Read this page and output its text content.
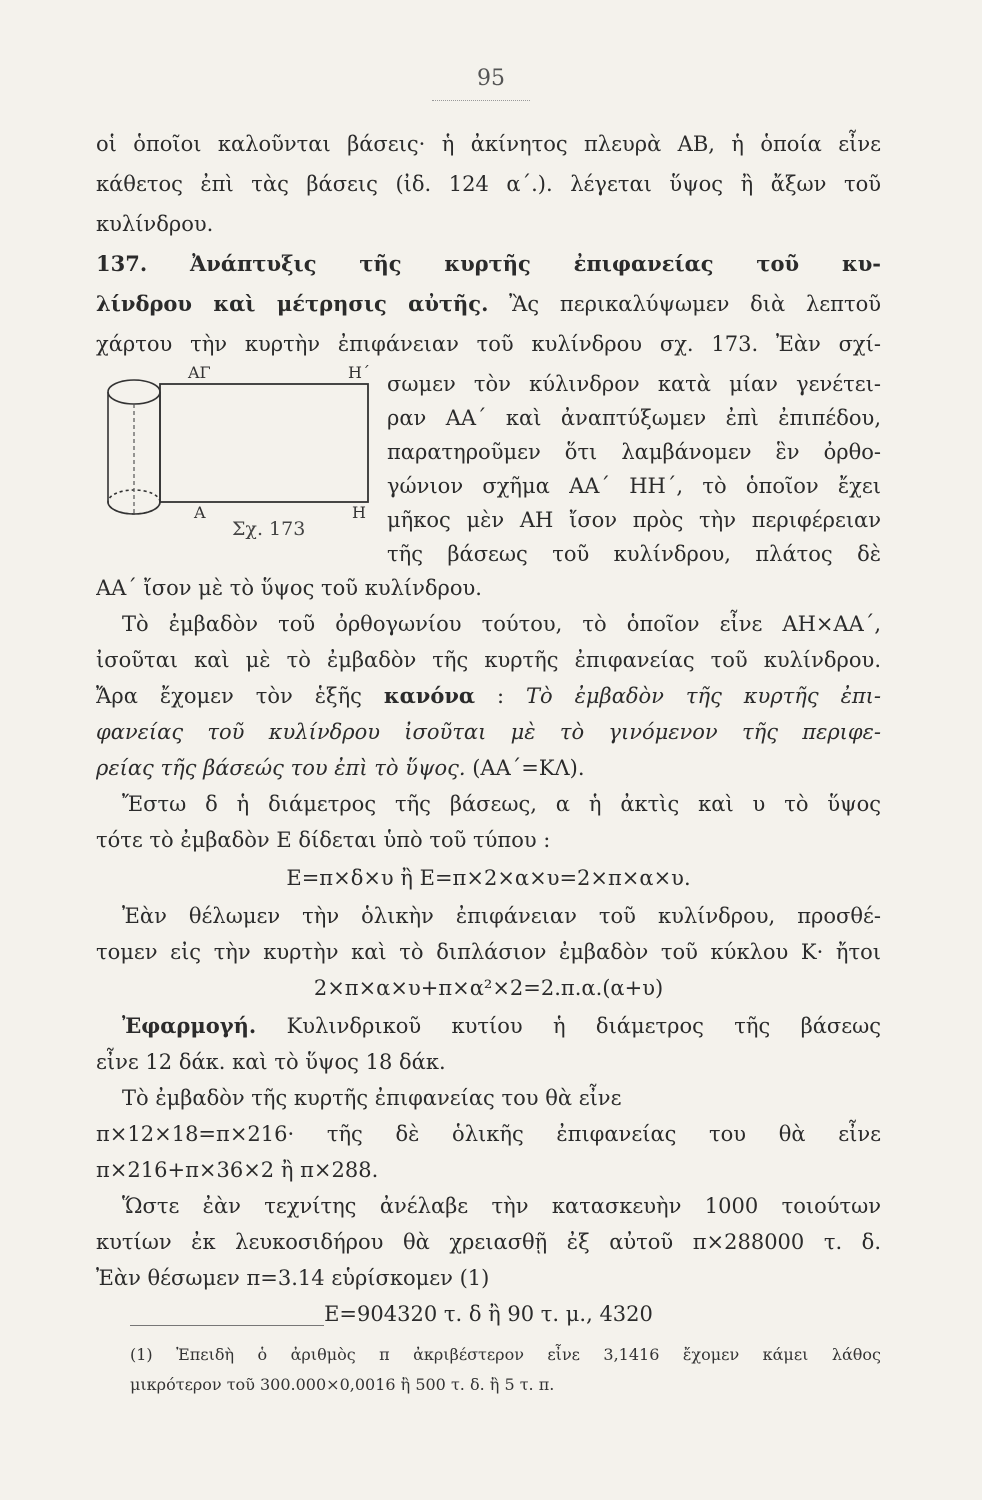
95
οἱ ὁποῖοι καλοῦνται βάσεις· ἡ ἀκίνητος πλευρὰ ΑΒ, ἡ ὁποία εἶνε
κάθετος ἐπὶ τὰς βάσεις (ἰδ. 124 α΄.). λέγεται ὕψος ἢ ἄξων τοῦ
κυλίνδρου.
137. Ἀνάπτυξις τῆς κυρτῆς ἐπιφανείας τοῦ κυ-
λίνδρου καὶ μέτρησις αὐτῆς. Ἂς περικαλύψωμεν διὰ λεπτοῦ
χάρτου τὴν κυρτὴν ἐπιφάνειαν τοῦ κυλίνδρου σχ. 173. Ἐὰν σχί-
ΑΓ	Η΄
Α	Η
Σχ. 173
σωμεν τὸν κύλινδρον κατὰ μίαν γενέτει-
ραν ΑΑ΄ καὶ ἀναπτύξωμεν ἐπὶ ἐπιπέδου,
παρατηροῦμεν ὅτι λαμβάνομεν ἓν ὀρθο-
γώνιον σχῆμα ΑΑ΄ ΗΗ΄, τὸ ὁποῖον ἔχει
μῆκος μὲν ΑΗ ἴσον πρὸς τὴν περιφέρειαν
τῆς βάσεως τοῦ κυλίνδρου, πλάτος δὲ
ΑΑ΄ ἴσον μὲ τὸ ὕψος τοῦ κυλίνδρου.
Τὸ ἐμβαδὸν τοῦ ὀρθογωνίου τούτου, τὸ ὁποῖον εἶνε ΑΗ×ΑΑ΄,
ἰσοῦται καὶ μὲ τὸ ἐμβαδὸν τῆς κυρτῆς ἐπιφανείας τοῦ κυλίνδρου.
Ἄρα ἔχομεν τὸν ἑξῆς κανόνα : Τὸ ἐμβαδὸν τῆς κυρτῆς ἐπι-
φανείας τοῦ κυλίνδρου ἰσοῦται μὲ τὸ γινόμενον τῆς περιφε-
ρείας τῆς βάσεώς του ἐπὶ τὸ ὕψος. (ΑΑ΄=ΚΛ).
Ἔστω δ ἡ διάμετρος τῆς βάσεως, α ἡ ἀκτὶς καὶ υ τὸ ὕψος
τότε τὸ ἐμβαδὸν Ε δίδεται ὑπὸ τοῦ τύπου :
Ε=π×δ×υ ἢ Ε=π×2×α×υ=2×π×α×υ.
Ἐὰν θέλωμεν τὴν ὁλικὴν ἐπιφάνειαν τοῦ κυλίνδρου, προσθέ-
τομεν εἰς τὴν κυρτὴν καὶ τὸ διπλάσιον ἐμβαδὸν τοῦ κύκλου Κ· ἤτοι
2×π×α×υ+π×α²×2=2.π.α.(α+υ)
Ἐφαρμογή. Κυλινδρικοῦ κυτίου ἡ διάμετρος τῆς βάσεως
εἶνε 12 δάκ. καὶ τὸ ὕψος 18 δάκ.
Τὸ ἐμβαδὸν τῆς κυρτῆς ἐπιφανείας του θὰ εἶνε
π×12×18=π×216· τῆς δὲ ὁλικῆς ἐπιφανείας του θὰ εἶνε
π×216+π×36×2 ἢ π×288.
Ὥστε ἐὰν τεχνίτης ἀνέλαβε τὴν κατασκευὴν 1000 τοιούτων
κυτίων ἐκ λευκοσιδήρου θὰ χρειασθῇ ἐξ αὐτοῦ π×288000 τ. δ.
Ἐὰν θέσωμεν π=3.14 εὑρίσκομεν (1)
Ε=904320 τ. δ ἢ 90 τ. μ., 4320
(1) Ἐπειδὴ ὁ ἀριθμὸς π ἀκριβέστερον εἶνε 3,1416 ἔχομεν κάμει λάθος
μικρότερον τοῦ 300.000×0,0016 ἢ 500 τ. δ. ἢ 5 τ. π.
